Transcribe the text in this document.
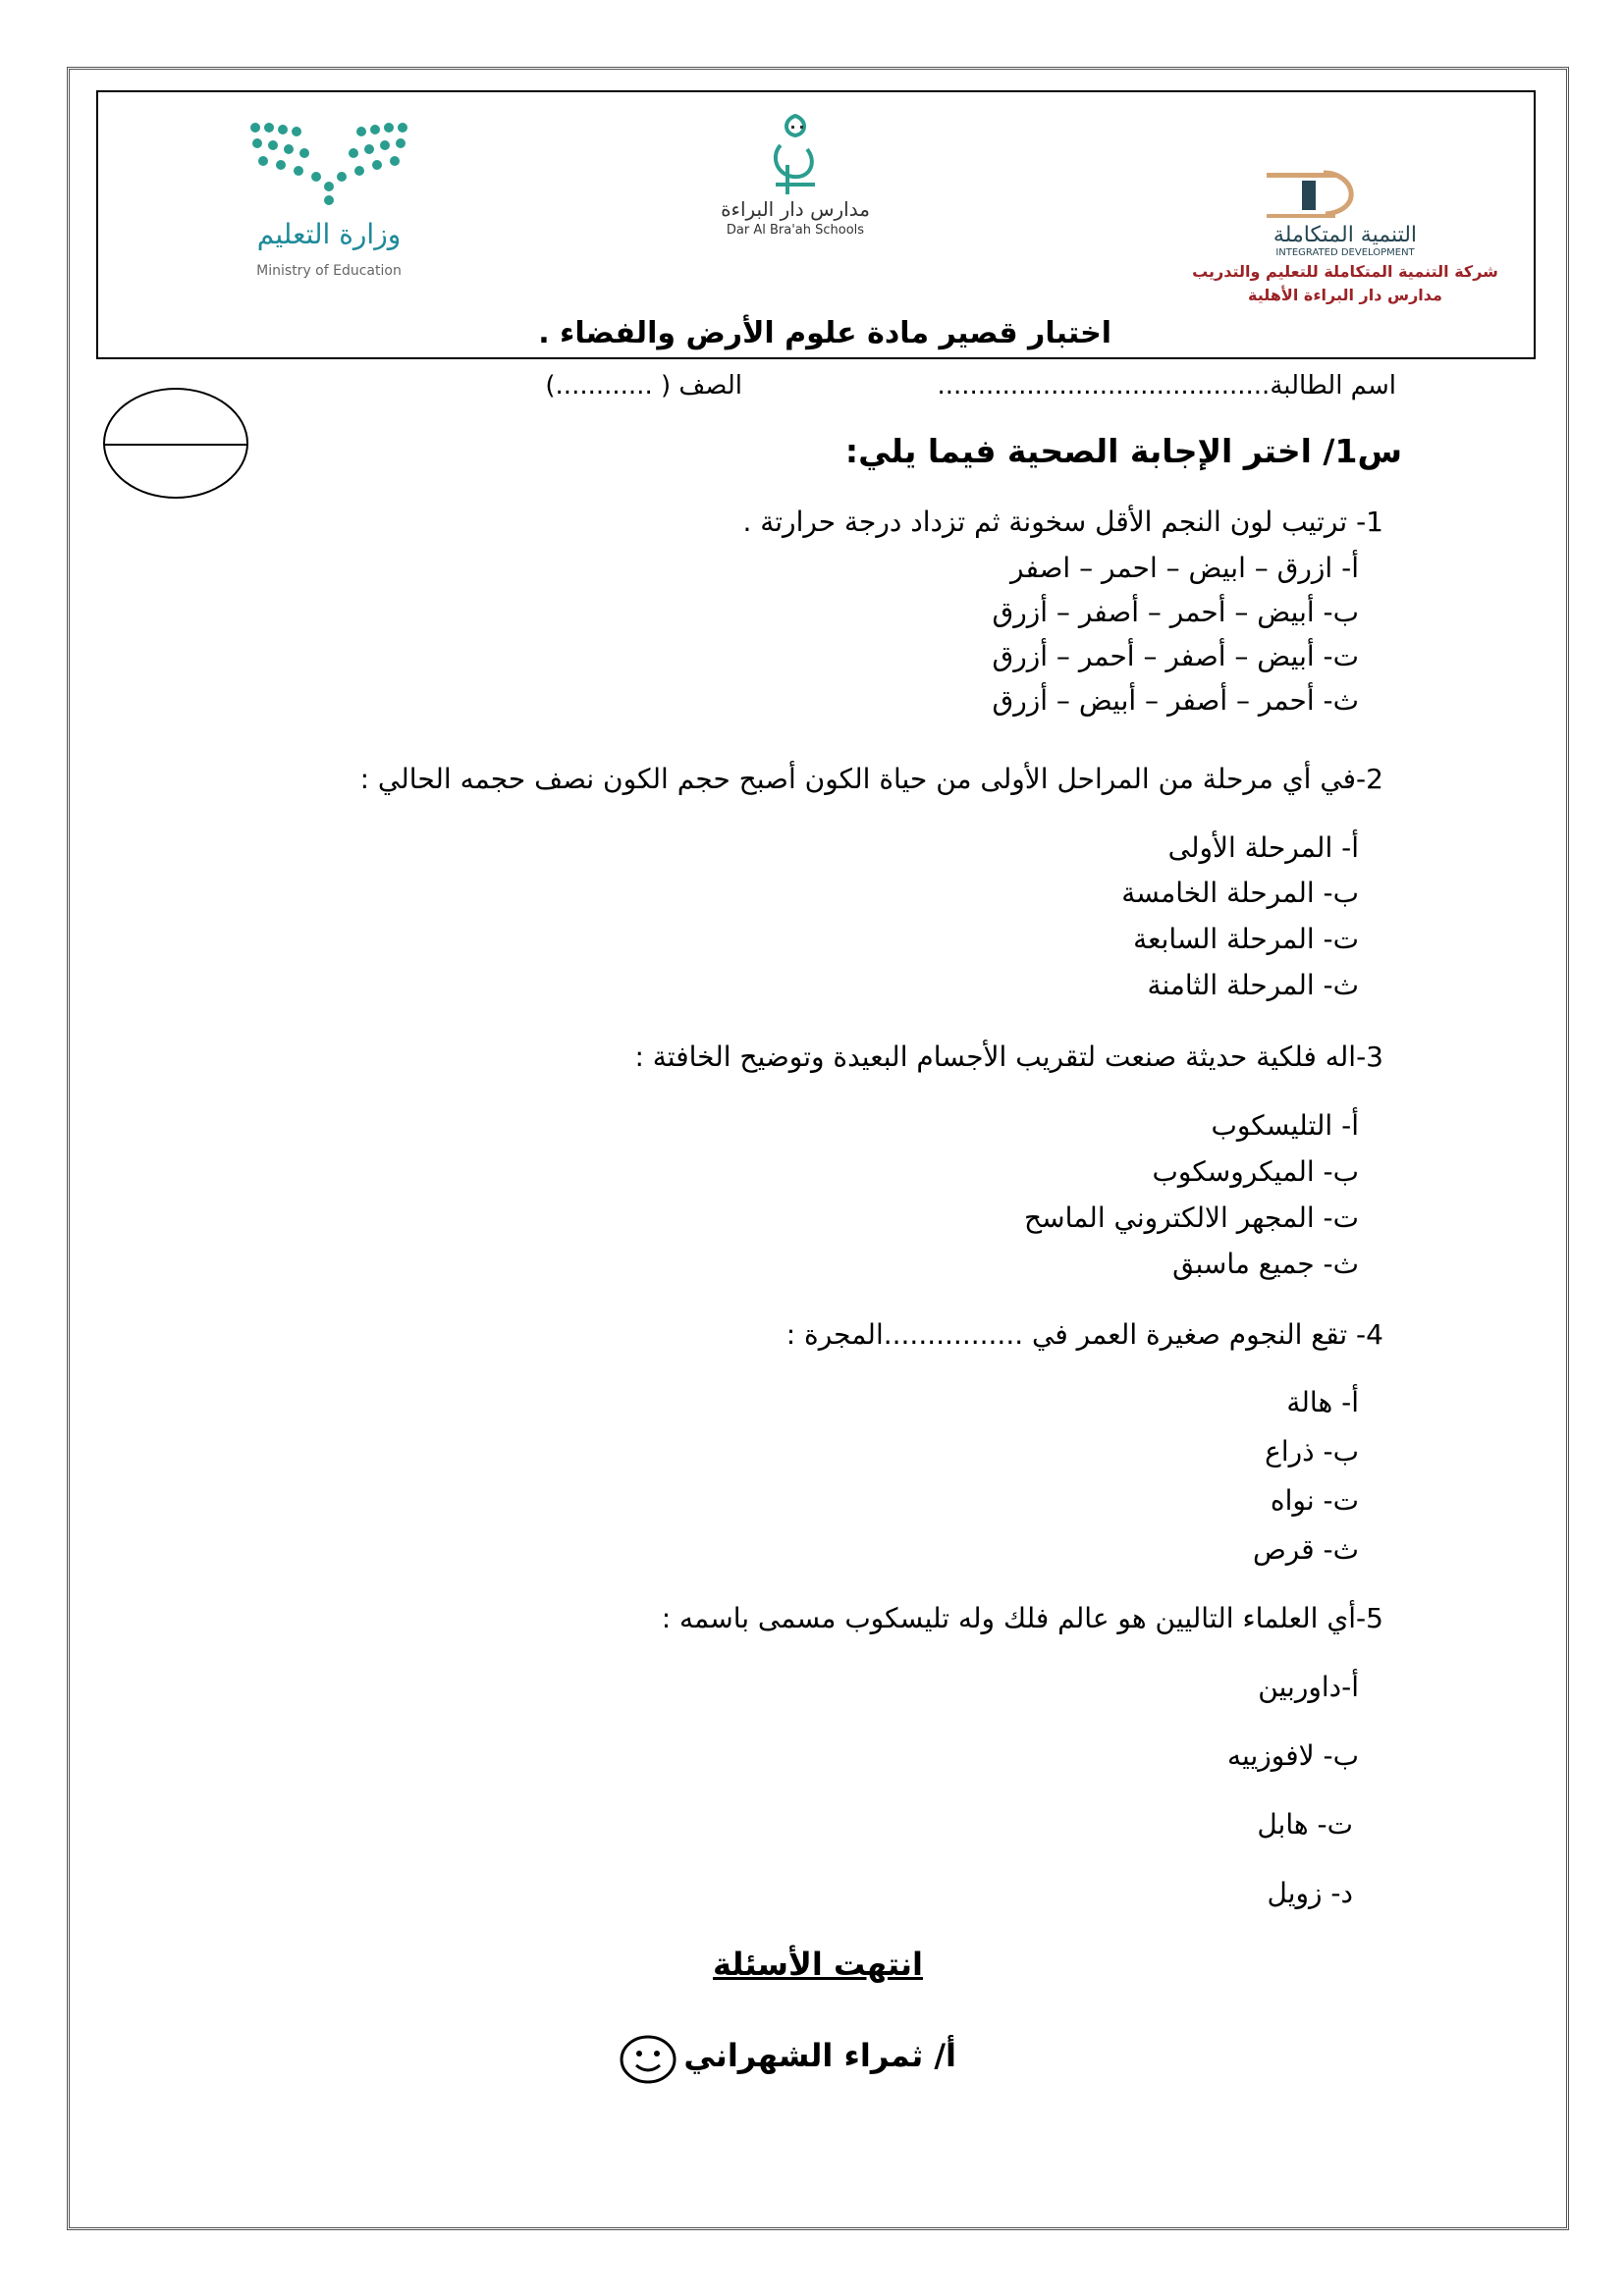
وزارة التعليم
Ministry of Education
مدارس دار البراءة
Dar Al Bra'ah Schools	التنمية المتكاملة
INTEGRATED DEVELOPMENT
شركة التنمية المتكاملة للتعليم والتدريب
مدارس دار البراءة الأهلية
اختبار قصير مادة علوم الأرض والفضاء .
اسم الطالبة.........................................
الصف ( ............)
س1/ اختر الإجابة الصحية فيما يلي:
1- ترتيب لون النجم الأقل سخونة ثم تزداد درجة حرارتة .
أ- ازرق – ابيض – احمر – اصفر
ب- أبيض – أحمر – أصفر – أزرق
ت- أبيض – أصفر – أحمر – أزرق
ث- أحمر – أصفر – أبيض – أزرق
2-في أي مرحلة من المراحل الأولى من حياة الكون أصبح حجم الكون نصف حجمه الحالي :
أ- المرحلة الأولى
ب- المرحلة الخامسة
ت- المرحلة السابعة
ث- المرحلة الثامنة
3-اله فلكية حديثة صنعت لتقريب الأجسام البعيدة وتوضيح الخافتة :
أ- التليسكوب
ب- الميكروسكوب
ت- المجهر الالكتروني الماسح
ث- جميع ماسبق
4- تقع النجوم صغيرة العمر في ................المجرة :
أ- هالة
ب- ذراع
ت- نواه
ث- قرص
5-أي العلماء التاليين هو عالم فلك وله تليسكوب مسمى باسمه :
أ-داوربين
ب- لافوزييه
ت- هابل
د- زويل
انتهت الأسئلة
أ/ ثمراء الشهراني
